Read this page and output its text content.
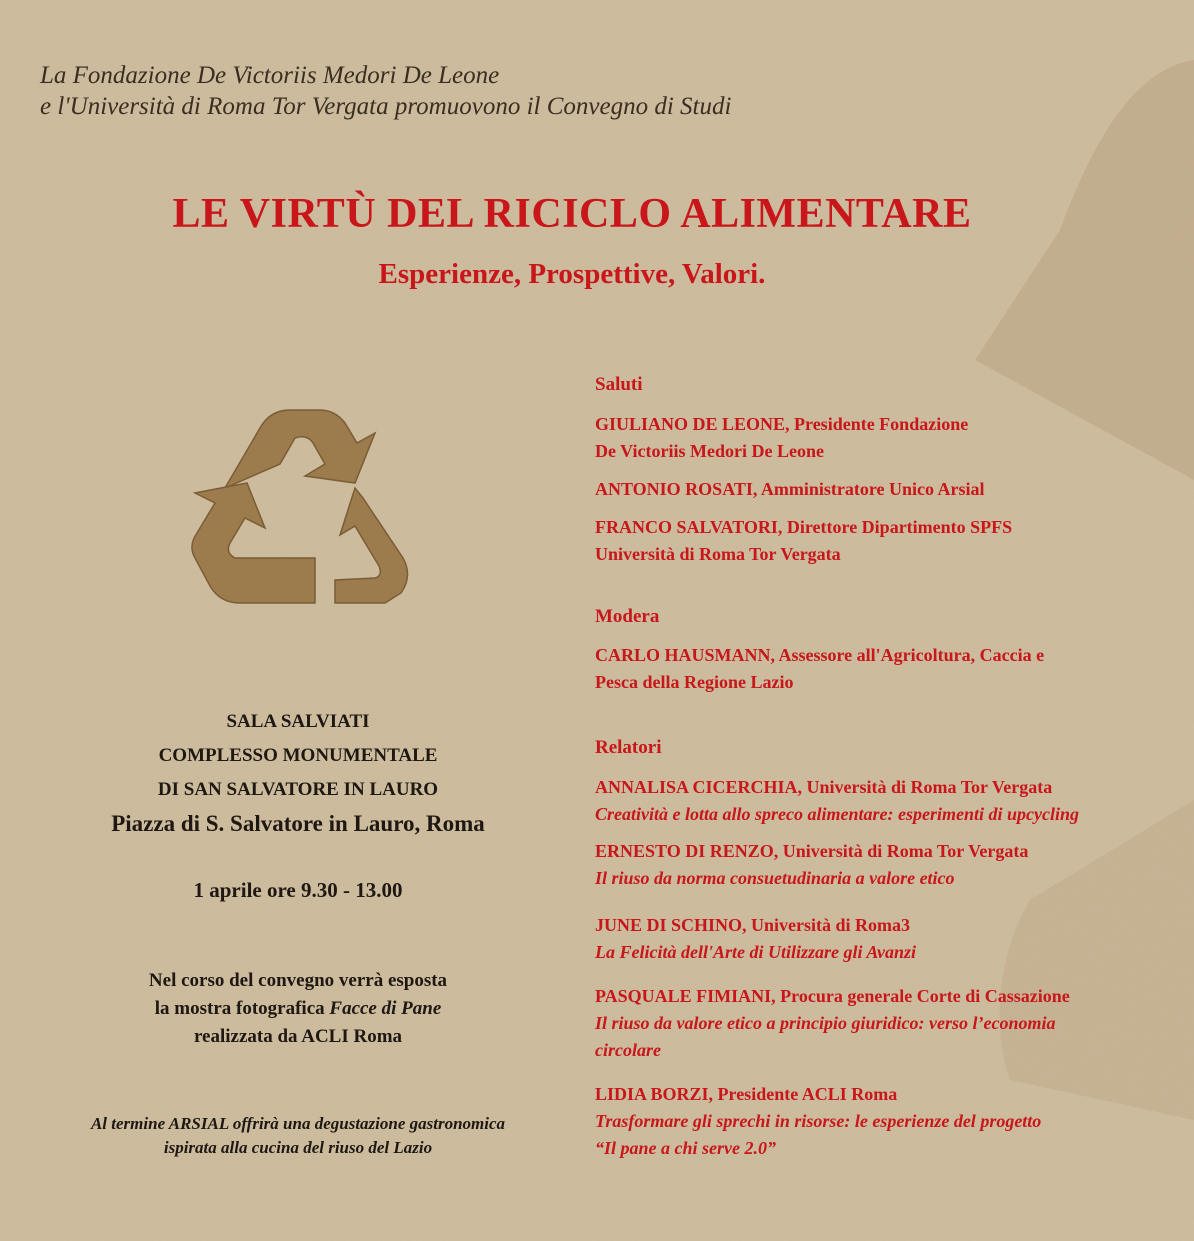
La Fondazione De Victoriis Medori De Leone
e l'Università di Roma Tor Vergata promuovono il Convegno di Studi
LE VIRTÙ DEL RICICLO ALIMENTARE
Esperienze, Prospettive, Valori.
SALA SALVIATI
COMPLESSO MONUMENTALE
DI SAN SALVATORE IN LAURO
Piazza di S. Salvatore in Lauro, Roma
1 aprile ore 9.30 - 13.00
Nel corso del convegno verrà esposta
la mostra fotografica Facce di Pane
realizzata da ACLI Roma
Al termine ARSIAL offrirà una degustazione gastronomica
ispirata alla cucina del riuso del Lazio
Saluti
GIULIANO DE LEONE, Presidente Fondazione
De Victoriis Medori De Leone
ANTONIO ROSATI, Amministratore Unico Arsial
FRANCO SALVATORI, Direttore Dipartimento SPFS
Università di Roma Tor Vergata
Modera
CARLO HAUSMANN, Assessore all'Agricoltura, Caccia e
Pesca della Regione Lazio
Relatori
ANNALISA CICERCHIA, Università di Roma Tor Vergata
Creatività e lotta allo spreco alimentare: esperimenti di upcycling
ERNESTO DI RENZO, Università di Roma Tor Vergata
Il riuso da norma consuetudinaria a valore etico
JUNE DI SCHINO, Università di Roma3
La Felicità dell'Arte di Utilizzare gli Avanzi
PASQUALE FIMIANI, Procura generale Corte di Cassazione
Il riuso da valore etico a principio giuridico: verso l’economia
circolare
LIDIA BORZI, Presidente ACLI Roma
Trasformare gli sprechi in risorse: le esperienze del progetto
“Il pane a chi serve 2.0”
